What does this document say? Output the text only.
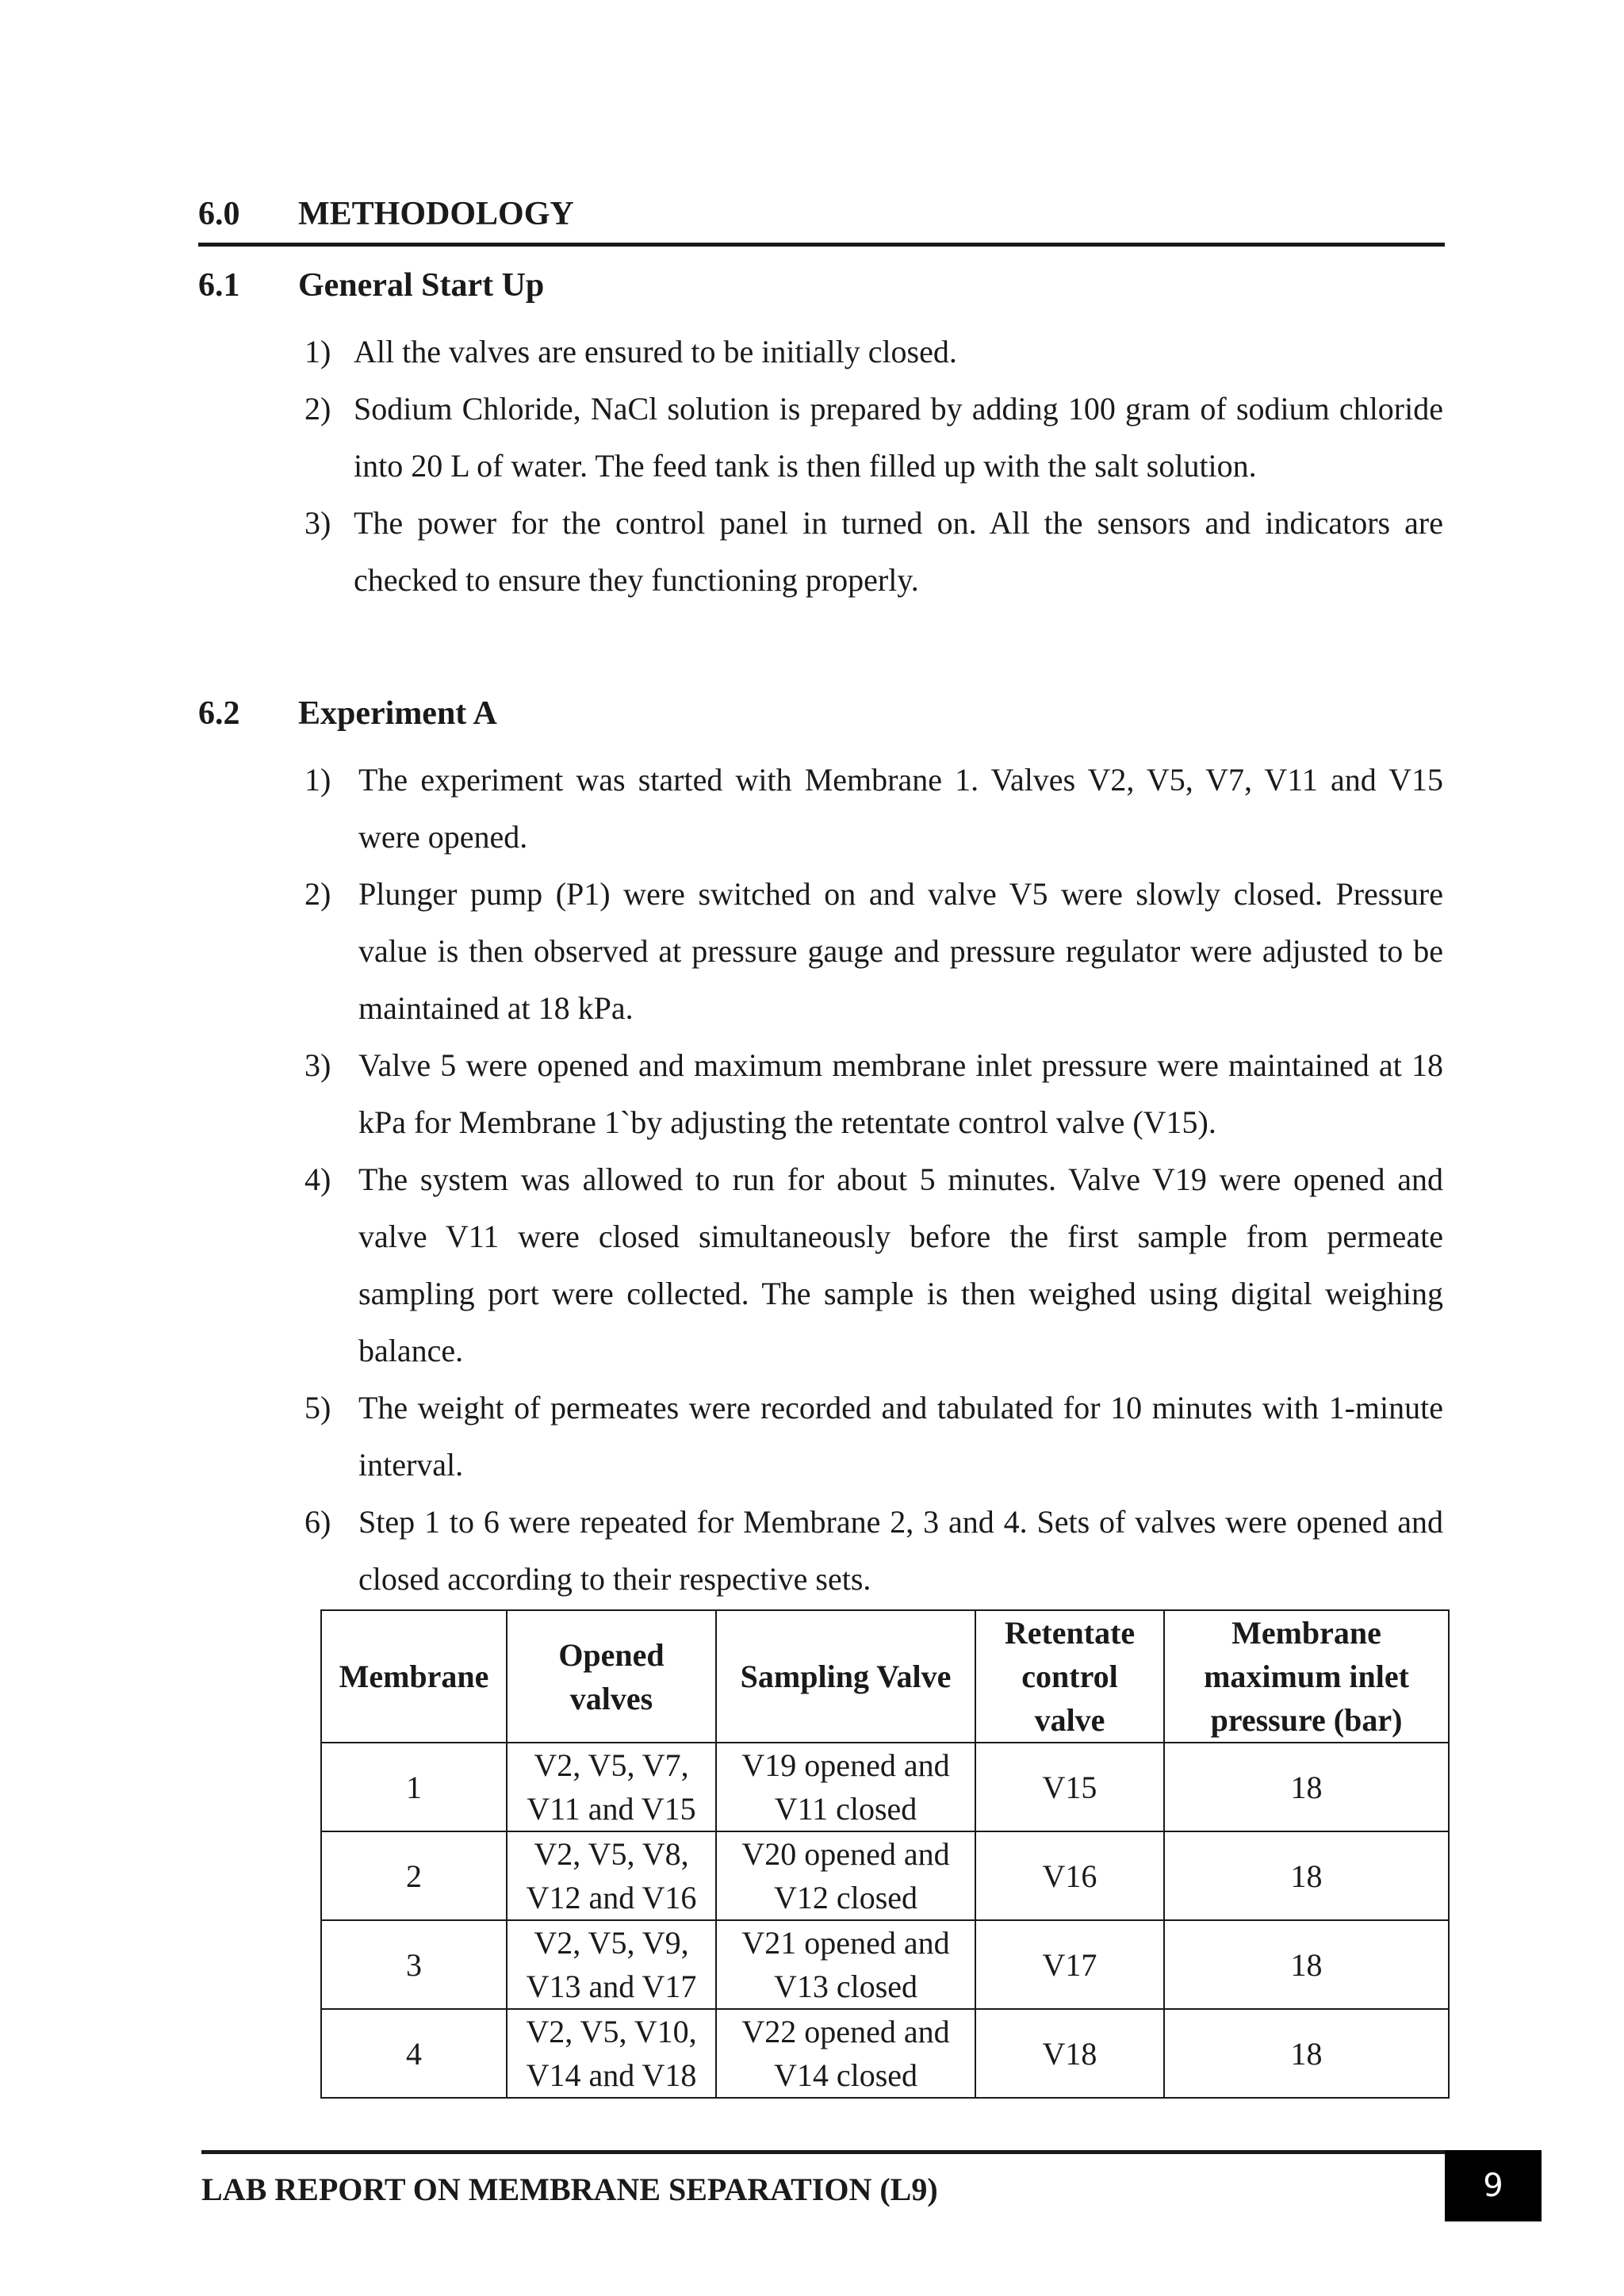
6.0 METHODOLOGY
6.1 General Start Up
1) All the valves are ensured to be initially closed.
2) Sodium Chloride, NaCl solution is prepared by adding 100 gram of sodium chloride into 20 L of water. The feed tank is then filled up with the salt solution.
3) The power for the control panel in turned on. All the sensors and indicators are checked to ensure they functioning properly.
6.2 Experiment A
1) The experiment was started with Membrane 1. Valves V2, V5, V7, V11 and V15 were opened.
2) Plunger pump (P1) were switched on and valve V5 were slowly closed. Pressure value is then observed at pressure gauge and pressure regulator were adjusted to be maintained at 18 kPa.
3) Valve 5 were opened and maximum membrane inlet pressure were maintained at 18 kPa for Membrane 1`by adjusting the retentate control valve (V15).
4) The system was allowed to run for about 5 minutes. Valve V19 were opened and valve V11 were closed simultaneously before the first sample from permeate sampling port were collected. The sample is then weighed using digital weighing balance.
5) The weight of permeates were recorded and tabulated for 10 minutes with 1-minute interval.
6) Step 1 to 6 were repeated for Membrane 2, 3 and 4. Sets of valves were opened and closed according to their respective sets.
Membrane	Opened valves	Sampling Valve	Retentate control valve	Membrane maximum inlet pressure (bar)
1	V2, V5, V7, V11 and V15	V19 opened and V11 closed	V15	18
2	V2, V5, V8, V12 and V16	V20 opened and V12 closed	V16	18
3	V2, V5, V9, V13 and V17	V21 opened and V13 closed	V17	18
4	V2, V5, V10, V14 and V18	V22 opened and V14 closed	V18	18
LAB REPORT ON MEMBRANE SEPARATION (L9)	9
